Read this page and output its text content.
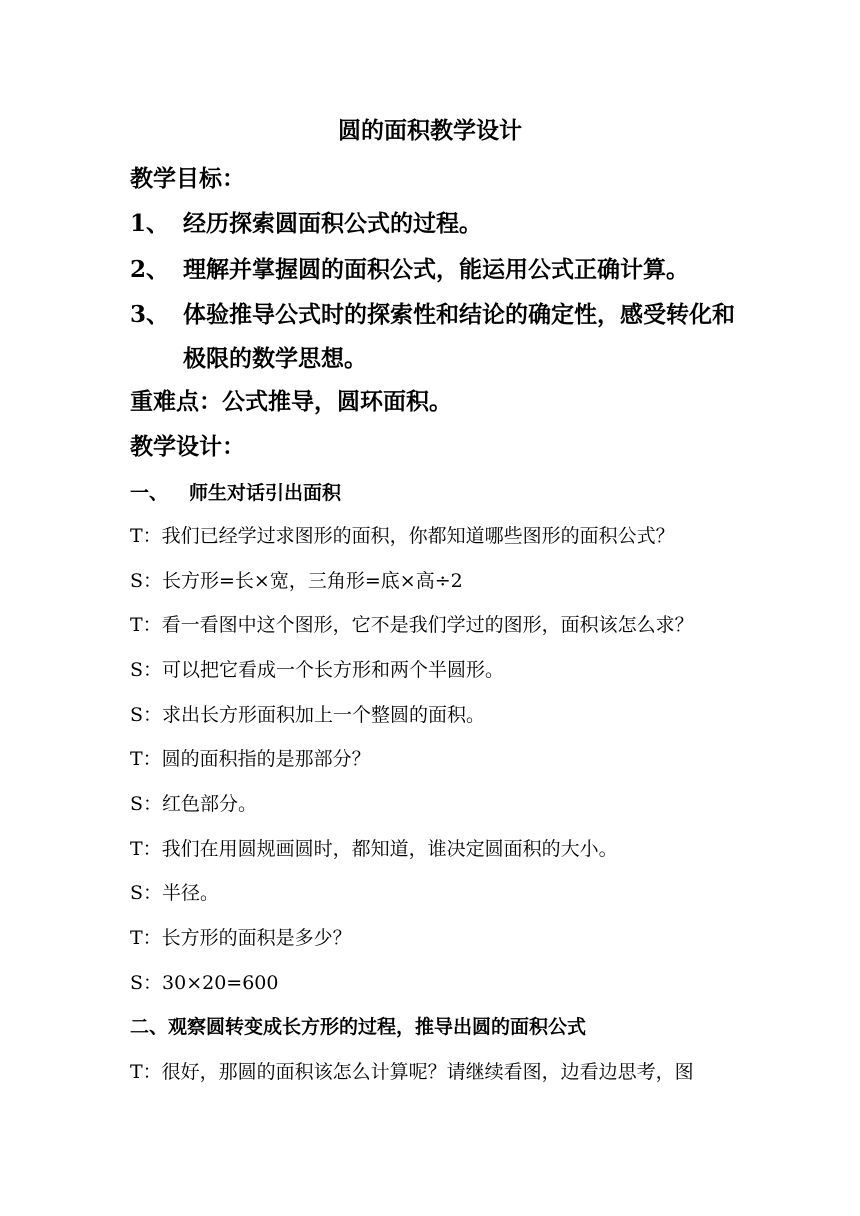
圆的面积教学设计
教学目标：
1、 经历探索圆面积公式的过程。
2、 理解并掌握圆的面积公式，能运用公式正确计算。
3、 体验推导公式时的探索性和结论的确定性，感受转化和
极限的数学思想。
重难点：公式推导，圆环面积。
教学设计：
一、 师生对话引出面积
T：我们已经学过求图形的面积，你都知道哪些图形的面积公式？
S：长方形=长×宽，三角形=底×高÷2
T：看一看图中这个图形，它不是我们学过的图形，面积该怎么求？
S：可以把它看成一个长方形和两个半圆形。
S：求出长方形面积加上一个整圆的面积。
T：圆的面积指的是那部分？
S：红色部分。
T：我们在用圆规画圆时，都知道，谁决定圆面积的大小。
S：半径。
T：长方形的面积是多少？
S：30×20=600
二、观察圆转变成长方形的过程，推导出圆的面积公式
T：很好，那圆的面积该怎么计算呢？请继续看图，边看边思考，图
